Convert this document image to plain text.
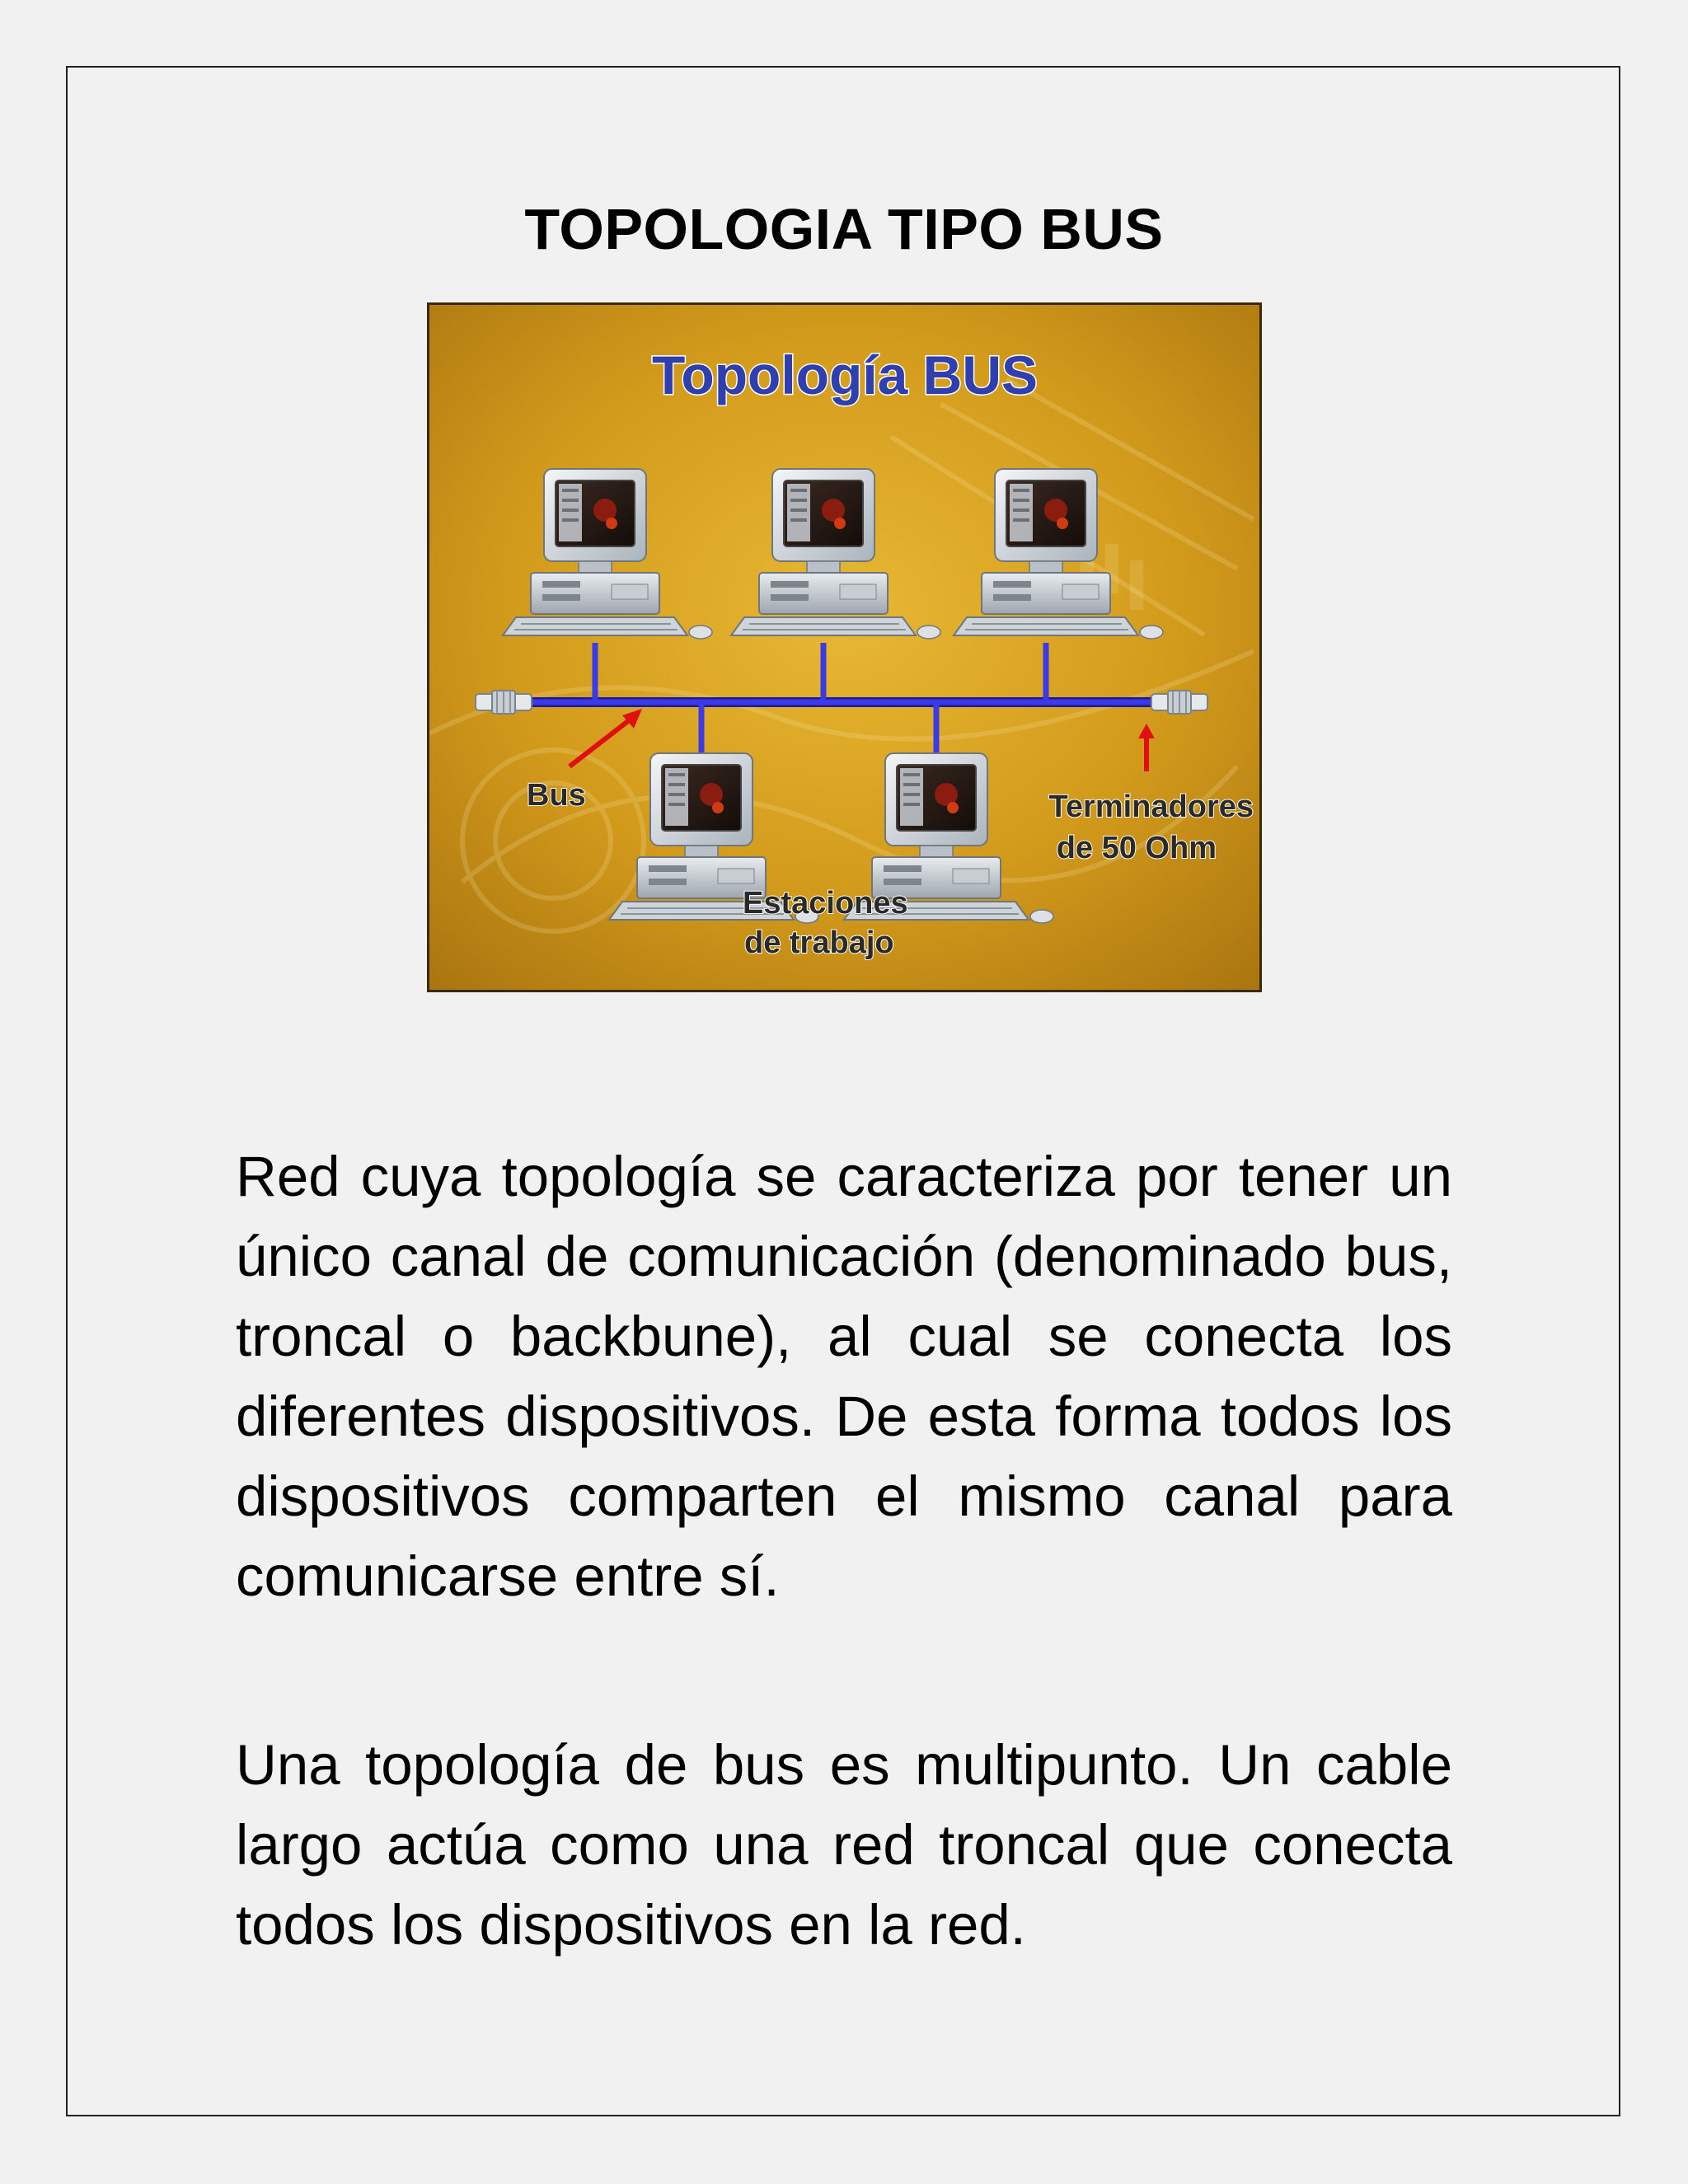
TOPOLOGIA TIPO BUS
Topología BUS
Bus	Terminadores
de 50 Ohm
Estaciones
de trabajo

Red cuya topología se caracteriza por tener un único canal de comunicación (denominado bus, troncal o backbune), al cual se conecta los diferentes dispositivos. De esta forma todos los dispositivos comparten el mismo canal para comunicarse entre sí.

Una topología de bus es multipunto. Un cable largo actúa como una red troncal que conecta todos los dispositivos en la red.
